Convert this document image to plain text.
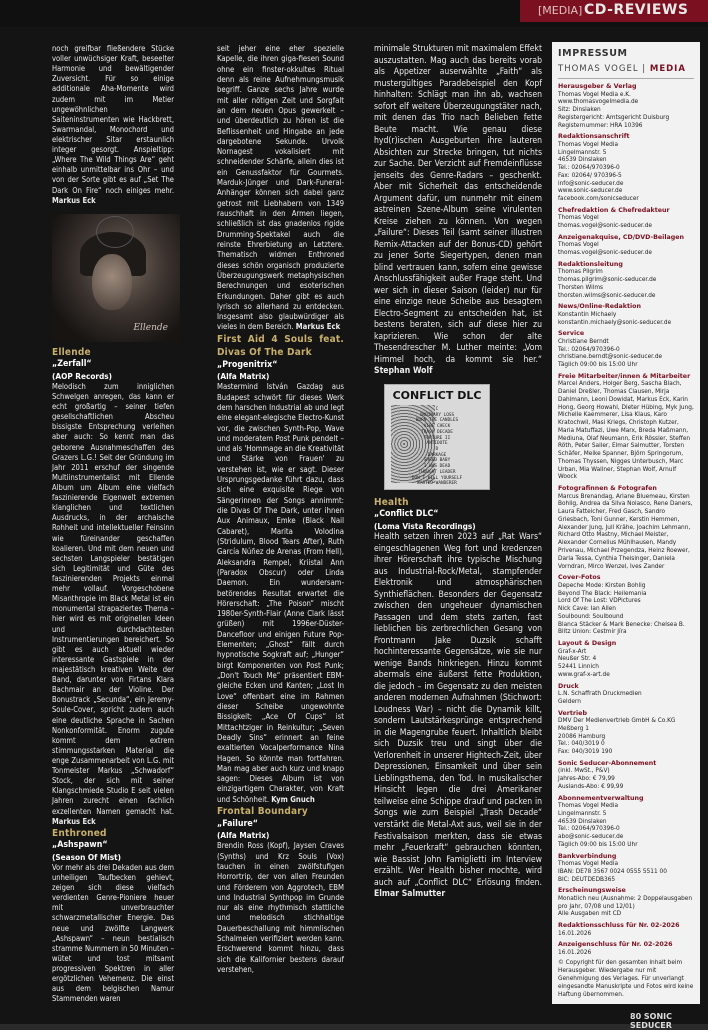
[MEDIA] CD-REVIEWS

noch greifbar fließendere Stücke voller unwüchsiger Kraft, beseelter Harmonie und bewältigender Zuversicht. Für so einige additionale Aha-Momente wird zudem mit im Metier ungewöhnlichen Saiteninstrumenten wie Hackbrett, Swarmandal, Monochord und elektrischer Sitar erstaunlich integer gesorgt. Anspieltipp: „Where The Wild Things Are“ geht einhalb unmittelbar ins Ohr – und von der Sorte gibt es auf „Set The Dark On Fire“ noch einiges mehr. Markus Eck

Ellende

Ellende

„Zerfall“

(AOP Records)

Melodisch zum inniglichen Schwelgen anregen, das kann er echt großartig – seiner tiefen gesellschaftlichen Abscheu bissigste Entsprechung verleihen aber auch: So kennt man das geborene Ausnahmeschaffen des Grazers L.G.! Seit der Gründung im Jahr 2011 erschuf der singende Multiinstrumentalist mit Ellende Album um Album eine vielfach faszinierende Eigenwelt extremen klanglichen und textlichen Ausdrucks, in der archaische Rohheit und intellektueller Feinsinn wie füreinander geschaffen koalieren. Und mit dem neuen und sechsten Langspieler bestätigen sich Legitimität und Güte des faszinierenden Projekts einmal mehr vollauf. Vorgeschobene Misanthropie im Black Metal ist ein monumental strapaziertes Thema – hier wird es mit originellen Ideen und durchdachtesten Instrumentierungen bereichert. So gibt es auch aktuell wieder interessante Gastspiele in der majestätisch kreativen Weite der Band, darunter von Firtans Klara Bachmair an der Violine. Der Bonustrack „Secunda“, ein Jeremy-Soule-Cover, spricht zudem auch eine deutliche Sprache in Sachen Nonkonformität. Enorm zugute kommt dem extrem stimmungsstarken Material die enge Zusammenarbeit von L.G. mit Tonmeister Markus „Schwadorf“ Stock, der sich mit seiner Klangschmiede Studio E seit vielen Jahren zurecht einen fachlich exzellenten Namen gemacht hat. Markus Eck

Enthroned

„Ashspawn“

(Season Of Mist)

Vor mehr als drei Dekaden aus dem unheiligen Taufbecken gehievt, zeigen sich diese vielfach verdienten Genre-Pioniere heuer mit unverbrauchter schwarzmetallischer Energie. Das neue und zwölfte Langwerk „Ashspawn“ – neun bestialisch stramme Nummern in 50 Minuten – wütet und tost mitsamt progressiven Spektren in aller ergötzlichen Vehemenz. Die einst aus dem belgischen Namur Stammenden waren

seit jeher eine eher spezielle Kapelle, die ihren giga-fiesen Sound ohne ein finster-okkultes Ritual denn als reine Aufnehmungsmusik begriff. Ganze sechs Jahre wurde mit aller nötigen Zeit und Sorgfalt an dem neuen Opus gewerkelt – und überdeutlich zu hören ist die Beflissenheit und Hingabe an jede dargebotene Sekunde. Urvolk Nornagest vokalisiert mit schneidender Schärfe, allein dies ist ein Genussfaktor für Gourmets. Marduk-Jünger und Dark-Funeral-Anhänger können sich dabei ganz getrost mit Liebhabern von 1349 rauschhaft in den Armen liegen, schließlich ist das gnadenlos rigide Drumming-Spektakel auch die reinste Ehrerbietung an Letztere. Thematisch widmen Enthroned dieses schön organisch produzierte Überzeugungswerk metaphysischen Berechnungen und esoterischen Erkundungen. Daher gibt es auch lyrisch so allerhand zu entdecken. Insgesamt also glaubwürdiger als vieles in dem Bereich. Markus Eck

First Aid 4 Souls feat. Divas Of The Dark

„Progenitrix“

(Alfa Matrix)

Mastermind István Gazdag aus Budapest schwört für dieses Werk dem harschen Industrial ab und legt eine elegant-elegische Electro-Kunst vor, die zwischen Synth-Pop, Wave und moderatem Post Punk pendelt – und als 'Hommage an die Kreativität und Stärke von Frauen' zu verstehen ist, wie er sagt. Dieser Ursprungsgedanke führt dazu, dass sich eine exquisite Riege von Sängerinnen der Songs annimmt: die Divas Of The Dark, unter ihnen Aux Animaux, Emke (Black Nail Cabaret), Marita Volodina (Stridulum, Blood Tears After), Ruth García Núñez de Arenas (From Hell), Aleksandra Rempel, Kriistal Ann (Paradox Obscur) oder Linda Daemon. Ein wundersam-betörendes Resultat erwartet die Hörerschaft: „The Poison“ mischt 1980er-Synth-Flair (Anne Clark lässt grüßen) mit 1996er-Düster-Dancefloor und einigen Future Pop-Elementen; „Ghost“ fällt durch hypnotische Sogkraft auf; „Hunger“ birgt Komponenten von Post Punk; „Don't Touch Me“ präsentiert EBM-gleiche Ecken und Kanten; „Lost In Love“ offenbart eine im Rahmen dieser Scheibe ungewohnte Bissigkeit; „Ace Of Cups“ ist Mittachtziger in Reinkultur; „Seven Deadly Sins“ erinnert an feine exaltierten Vocalperformance Nina Hagen. So könnte man fortfahren. Man mag aber auch kurz und knapp sagen: Dieses Album ist von einzigartigem Charakter, von Kraft und Schönheit. Kym Gnuch

Frontal Boundary

„Failure“

(Alfa Matrix)

Brendin Ross (Kopf), Jaysen Craves (Synths) und Krz Souls (Vox) tauchen in einen zwölfstufigen Horrortrip, der von allen Freunden und Förderern von Aggrotech, EBM und Industrial Synthpop im Grunde nur als eine rhythmisch stattliche und melodisch stichhaltige Dauerbeschallung mit himmlischen Schalmeien verifiziert werden kann. Erschwerend kommt hinzu, dass sich die Kalifornier bestens darauf verstehen,

minimale Strukturen mit maximalem Effekt auszustatten. Mag auch das bereits vorab als Appetizer auserwählte „Faith“ als mustergültiges Paradebeispiel den Kopf hinhalten: Schlägt man ihn ab, wachsen sofort elf weitere Überzeugungstäter nach, mit denen das Trio nach Belieben fette Beute macht. Wie genau diese hyd(r)ischen Ausgeburten ihre lauteren Absichten zur Strecke bringen, tut nichts zur Sache. Der Verzicht auf Fremdeinflüsse jenseits des Genre-Radars – geschenkt. Aber mit Sicherheit das entscheidende Argument dafür, um nunmehr mit einem astreinen Szene-Album seine virulenten Kreise ziehen zu können. Von wegen „Failure“: Dieses Teil (samt seiner illustren Remix-Attacken auf der Bonus-CD) gehört zu jener Sorte Siegertypen, denen man blind vertrauen kann, sofern eine gewisse Anschlussfähigkeit außer Frage steht. Und wer sich in dieser Saison (leider) nur für eine einzige neue Scheibe aus besagtem Electro-Segment zu entscheiden hat, ist bestens beraten, sich auf diese hier zu kaprizieren. Wie schon der alte Thesendrescher M. Luther meinte: „Vom Himmel hoch, da kommt sie her.“ Stephan Wolf

CONFLICT DLC
C
ORDINARY LOSS
BURN THE CANDLES
VIBE CHECK
TRASH DECADE
TORTURE II
ANTIDOTE
D
DARKAGE
SHRED BABY
I WAS DEAD
THOUGHT LEADER
DON'T KILL YOURSELF
WASTED WANDERER

Health

„Conflict DLC“

(Loma Vista Recordings)

Health setzen ihren 2023 auf „Rat Wars“ eingeschlagenen Weg fort und kredenzen ihrer Hörerschaft ihre typische Mischung aus Industrial-Rock/Metal, stampfender Elektronik und atmosphärischen Synthieflächen. Besonders der Gegensatz zwischen den ungeheuer dynamischen Passagen und dem stets zarten, fast lieblichen bis zerbrechlichen Gesang von Frontmann Jake Duzsik schafft hochinteressante Gegensätze, wie sie nur wenige Bands hinkriegen. Hinzu kommt abermals eine äußerst fette Produktion, die jedoch – im Gegensatz zu den meisten anderen modernen Aufnahmen (Stichwort: Loudness War) – nicht die Dynamik killt, sondern Lautstärkesprünge entsprechend in die Magengrube feuert. Inhaltlich bleibt sich Duzsik treu und singt über die Verlorenheit in unserer Hightech-Zeit, über Depressionen, Einsamkeit und über sein Lieblingsthema, den Tod. In musikalischer Hinsicht legen die drei Amerikaner teilweise eine Schippe drauf und packen in Songs wie zum Beispiel „Trash Decade“ verstärkt die Metal-Axt aus, weil sie in der Festivalsaison merkten, dass sie etwas mehr „Feuerkraft“ gebrauchen könnten, wie Bassist John Famiglietti im Interview erzählt. Wer Health bisher mochte, wird auch auf „Conflict DLC“ Erlösung finden. Elmar Salmutter

IMPRESSUM

THOMAS VOGEL | MEDIA

Herausgeber & Verlag
Thomas Vogel Media e.K.
www.thomasvogelmedia.de
Sitz: Dinslaken
Registergericht: Amtsgericht Duisburg
Registernummer: HRA 10396
Redaktionsanschrift
Thomas Vogel Media
Lingelmannstr. 5
46539 Dinslaken
Tel.: 02064/970396-0
Fax: 02064/ 970396-5
info@sonic-seducer.de
www.sonic-seducer.de
facebook.com/sonicseducer
Chefredaktion & Chefredakteur
Thomas Vogel
thomas.vogel@sonic-seducer.de
Anzeigenakquise, CD/DVD-Beilagen
Thomas Vogel
thomas.vogel@sonic-seducer.de
Redaktionsleitung
Thomas Pilgrim
thomas.pilgrim@sonic-seducer.de
Thorsten Wilms
thorsten.wilms@sonic-seducer.de
News/Online-Redaktion
Konstantin Michaely
konstantin.michaely@sonic-seducer.de
Service
Christiane Berndt
Tel.: 02064/970396-0
christiane.berndt@sonic-seducer.de
Täglich 09:00 bis 15:00 Uhr
Freie Mitarbeiter/innen & Mitarbeiter
Marcel Anders, Holger Berg, Sascha Blach, Daniel Dreßler, Thomas Clausen, Mirja Dahlmann, Leoni Dowidat, Markus Eck, Karin Hong, Georg Howahl, Dieter Hübing, Myk Jung, Michelle Kaemmerer, Lisa Klaus, Karo Kratochwil, Masi Kriegs, Christoph Kutzer, Maria Matuffazi, Uwe Marx, Breda Maßmann, Mediuna, Olaf Neumann, Erik Rössler, Steffen Röth, Peter Sailer, Elmar Salmutter, Torsten Schäfer, Meike Spanner, Björn Springorum, Thomas Thyssen, Nigges Unterbusch, Marc Urban, Mia Wallner, Stephan Wolf, Arnulf Woock
Fotografinnen & Fotografen
Marcus Brenandag, Ariane Bluemeau, Kirsten Bohlig, Andrea da Silva Nolasco, Rene Daners, Laura Fatteicher, Fred Gasch, Sandro Griesbach, Toni Gunner, Kerstin Hemmen, Alexander Jung, Jull Krähe, Joachim Lehmann, Richard Otto Mastny, Michael Meister, Alexander Cornelius Mühlhausen, Mandy Privenau, Michael Przegendza, Heinz Roewer, Daria Tessa, Cynthia Theisinger, Daniela Vorndran, Mirco Wenzel, Ives Zander
Cover-Fotos
Depeche Mode: Kirsten Bohlig
Beyond The Black: Heilemania
Lord Of The Lost: VDPictures
Nick Cave: Ian Allen
Soulbound: Soulbound
Blanca Stäcker & Mark Benecke: Chelsea B.
Blitz Union: Cestmir Jíra
Layout & Design
Graf-x-Art
Neußer Str. 4
52441 Linnich
www.graf-x-art.de
Druck
L.N. Schaffrath Druckmedien
Geldern
Vertrieb
DMV Der Medienvertrieb GmbH & Co.KG
Meßberg 1
20086 Hamburg
Tel.: 040/3019 0
Fax: 040/3019 190
Sonic Seducer-Abonnement
(inkl. MwSt., P&V)
Jahres-Abo: € 79,99
Auslands-Abo: € 99,99
Abonnementverwaltung
Thomas Vogel Media
Lingelmannstr. 5
46539 Dinslaken
Tel.: 02064/970396-0
abo@sonic-seducer.de
Täglich 09:00 bis 15:00 Uhr
Bankverbindung
Thomas Vogel Media
IBAN: DE78 3567 0024 0555 5511 00
BIC: DEUTDEDB365
Erscheinungsweise
Monatlich neu (Ausnahme: 2 Doppelausgaben pro Jahr, 07/08 und 12/01)
Alle Ausgaben mit CD
Redaktionsschluss für Nr. 02-2026
16.01.2026
Anzeigenschluss für Nr. 02-2026
16.01.2026
© Copyright für den gesamten Inhalt beim Herausgeber. Wiedergabe nur mit Genehmigung des Verlages. Für unverlangt eingesandte Manuskripte und Fotos wird keine Haftung übernommen.
80 SONIC SEDUCER
